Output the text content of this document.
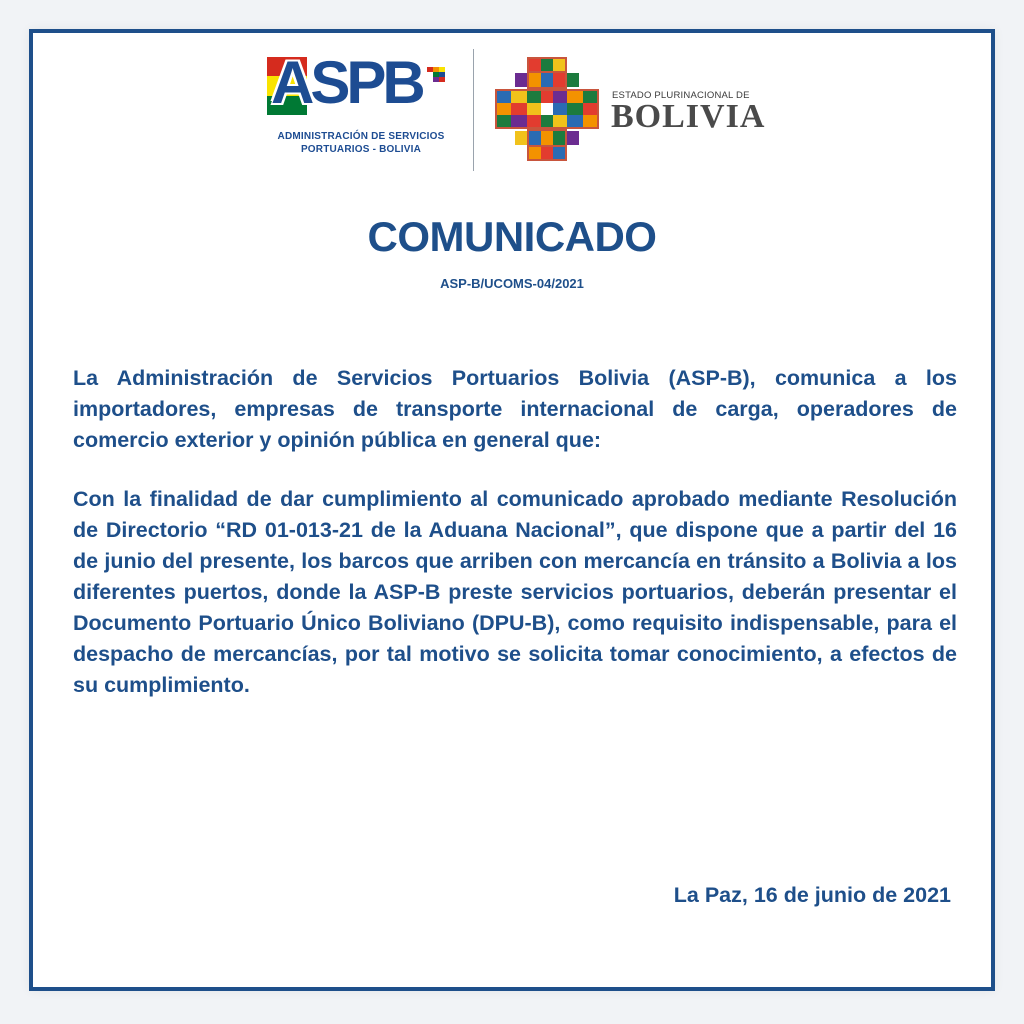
ASPB
ADMINISTRACIÓN DE SERVICIOS
PORTUARIOS - BOLIVIA
ESTADO PLURINACIONAL DE
BOLIVIA
COMUNICADO
ASP-B/UCOMS-04/2021

La Administración de Servicios Portuarios Bolivia (ASP-B), comunica a los importadores, empresas de transporte internacional de carga, operadores de comercio exterior y opinión pública en general que:

Con la finalidad de dar cumplimiento al comunicado aprobado mediante Resolución de Directorio “RD 01-013-21 de la Aduana Nacional”, que dispone que a partir del 16 de junio del presente, los barcos que arriben con mercancía en tránsito a Bolivia a los diferentes puertos, donde la ASP-B preste servicios portuarios, deberán presentar el Documento Portuario Único Boliviano (DPU-B), como requisito indispensable, para el despacho de mercancías, por tal motivo se solicita tomar conocimiento, a efectos de su cumplimiento.

La Paz, 16 de junio de 2021
